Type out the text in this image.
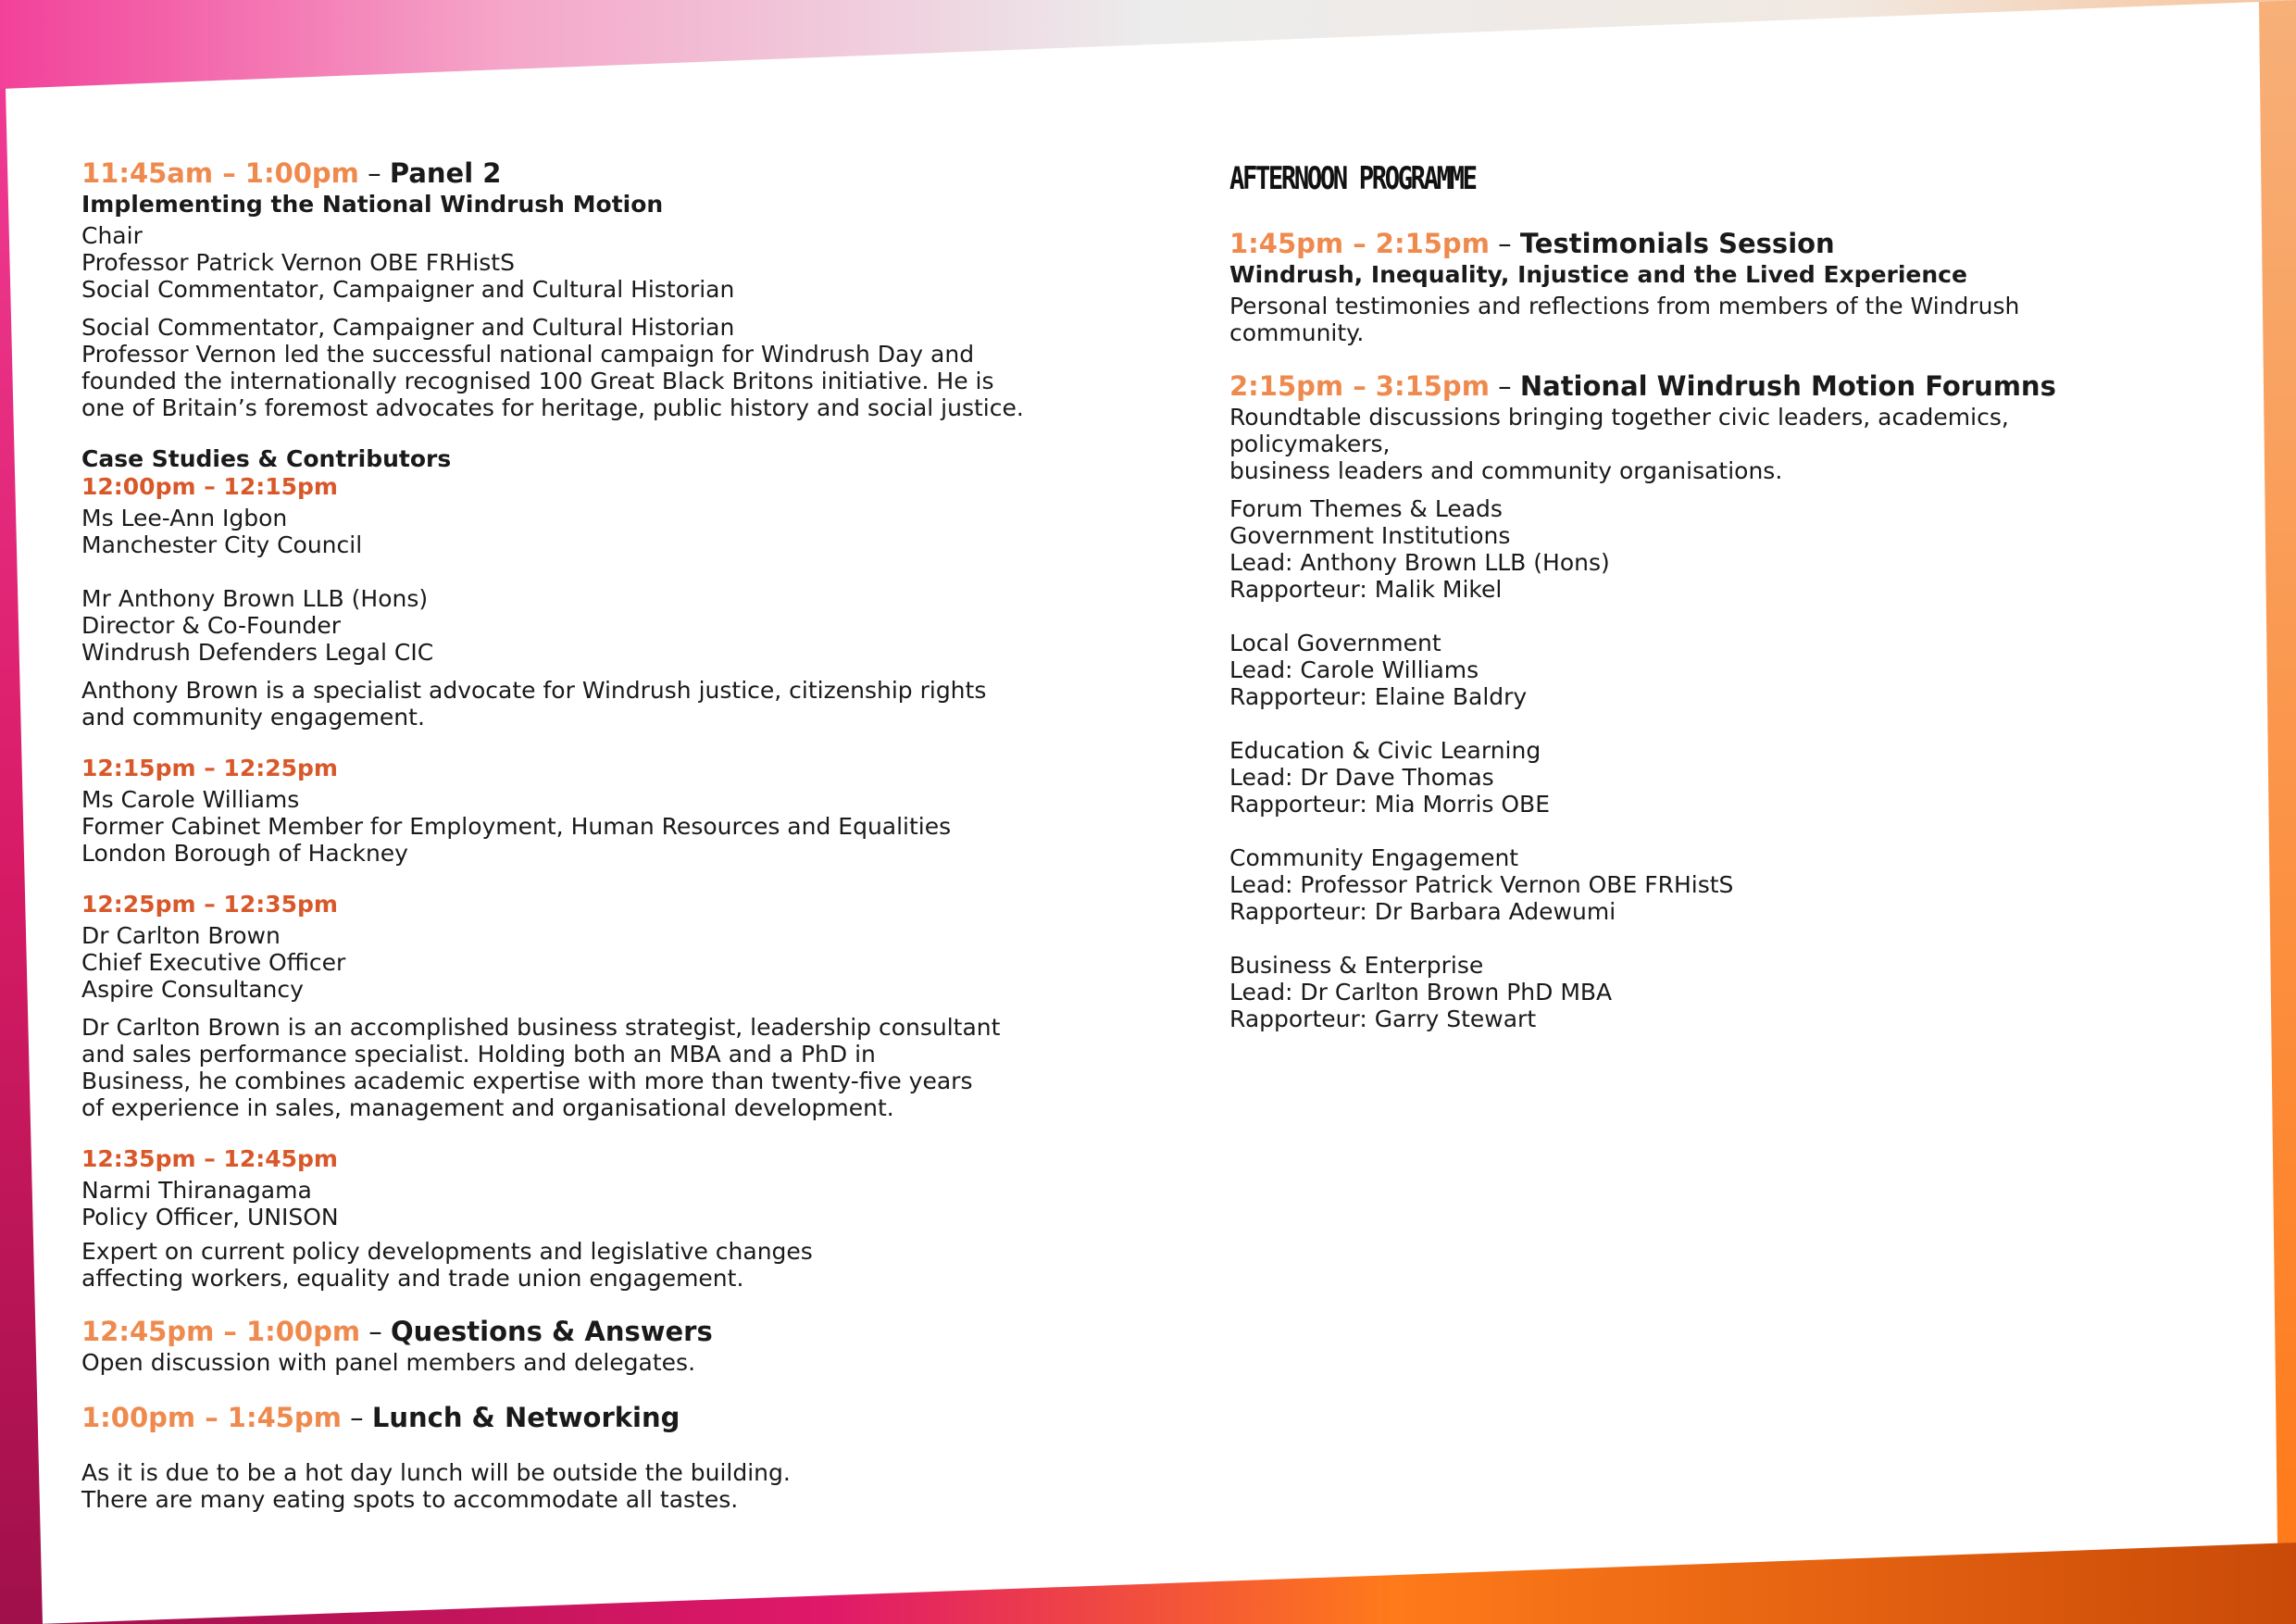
11:45am – 1:00pm – Panel 2
Implementing the National Windrush Motion

Chair

Professor Patrick Vernon OBE FRHistS

Social Commentator, Campaigner and Cultural Historian

Social Commentator, Campaigner and Cultural Historian

Professor Vernon led the successful national campaign for Windrush Day and

founded the internationally recognised 100 Great Black Britons initiative. He is

one of Britain’s foremost advocates for heritage, public history and social justice.

Case Studies & Contributors
12:00pm – 12:15pm

Ms Lee-Ann Igbon

Manchester City Council

Mr Anthony Brown LLB (Hons)

Director & Co-Founder

Windrush Defenders Legal CIC

Anthony Brown is a specialist advocate for Windrush justice, citizenship rights

and community engagement.

12:15pm – 12:25pm

Ms Carole Williams

Former Cabinet Member for Employment, Human Resources and Equalities

London Borough of Hackney

12:25pm – 12:35pm

Dr Carlton Brown

Chief Executive Officer

Aspire Consultancy

Dr Carlton Brown is an accomplished business strategist, leadership consultant

and sales performance specialist. Holding both an MBA and a PhD in

Business, he combines academic expertise with more than twenty-five years

of experience in sales, management and organisational development.

12:35pm – 12:45pm

Narmi Thiranagama

Policy Officer, UNISON

Expert on current policy developments and legislative changes

affecting workers, equality and trade union engagement.

12:45pm – 1:00pm – Questions & Answers
Open discussion with panel members and delegates.
1:00pm – 1:45pm – Lunch & Networking

As it is due to be a hot day lunch will be outside the building.

There are many eating spots to accommodate all tastes.

AFTERNOON PROGRAMME
1:45pm – 2:15pm – Testimonials Session
Windrush, Inequality, Injustice and the Lived Experience
Personal testimonies and reflections from members of the Windrush community.
2:15pm – 3:15pm – National Windrush Motion Forumns

Roundtable discussions bringing together civic leaders, academics, policymakers,

business leaders and community organisations.

Forum Themes & Leads

Government Institutions

Lead: Anthony Brown LLB (Hons)

Rapporteur: Malik Mikel

Local Government

Lead: Carole Williams

Rapporteur: Elaine Baldry

Education & Civic Learning

Lead: Dr Dave Thomas

Rapporteur: Mia Morris OBE

Community Engagement

Lead: Professor Patrick Vernon OBE FRHistS

Rapporteur: Dr Barbara Adewumi

Business & Enterprise

Lead: Dr Carlton Brown PhD MBA

Rapporteur: Garry Stewart
